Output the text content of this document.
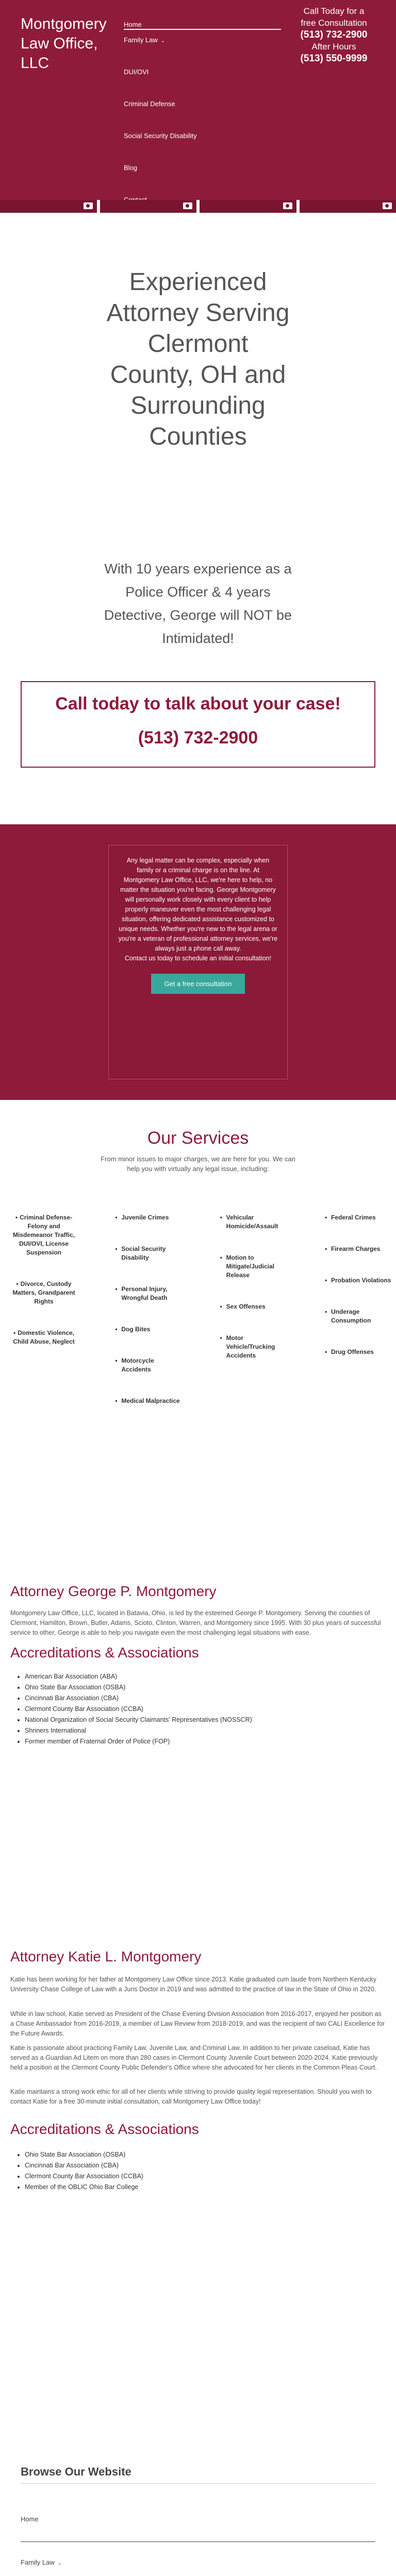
Montgomery Law Office, LLC
Home
Family Law ⌄
DUI/OVI
Criminal Defense
Social Security Disability
Blog
Call Today for a
free Consultation
(513) 732-2900
After Hours
(513) 550-9999
Experienced Attorney Serving Clermont County, OH and Surrounding Counties

With 10 years experience as a Police Officer & 4 years Detective, George will NOT be Intimidated!

Call today to talk about your case!
(513) 732-2900

Any legal matter can be complex, especially when family or a criminal charge is on the line. At Montgomery Law Office, LLC, we're here to help, no matter the situation you're facing. George Montgomery will personally work closely with every client to help properly maneuver even the most challenging legal situation, offering dedicated assistance customized to unique needs. Whether you're new to the legal arena or you're a veteran of professional attorney services, we're always just a phone call away.

Contact us today to schedule an initial consultation!

Get a free consultation
Our Services

From minor issues to major charges, we are here for you. We can help you with virtually any legal issue, including:

• Criminal Defense- Felony and Misdemeanor Traffic, DUI/OVI, License Suspension
• Divorce, Custody Matters, Grandparent Rights
• Domestic Violence, Child Abuse, Neglect
• Juvenile Crimes
• Social Security Disability
• Personal Injury, Wrongful Death
• Dog Bites
• Motorcycle Accidents
• Medical Malpractice
• Vehicular Homicide/Assault
• Motion to Mitigate/Judicial Release
• Sex Offenses
• Motor Vehicle/Trucking Accidents
• Federal Crimes
• Firearm Charges
• Probation Violations
• Underage Consumption
• Drug Offenses
Attorney George P. Montgomery

Montgomery Law Office, LLC, located in Batavia, Ohio, is led by the esteemed George P. Montgomery. Serving the counties of Clermont, Hamilton, Brown, Butler, Adams, Scioto, Clinton, Warren, and Montgomery since 1995. With 30 plus years of successful service to other, George is able to help you navigate even the most challenging legal situations with ease.

Accreditations & Associations
• American Bar Association (ABA)
• Ohio State Bar Association (OSBA)
• Cincinnati Bar Association (CBA)
• Clermont County Bar Association (CCBA)
• National Organization of Social Security Claimants' Representatives (NOSSCR)
• Shriners International
• Former member of Fraternal Order of Police (FOP)
Attorney Katie L. Montgomery

Katie has been working for her father at Montgomery Law Office since 2013. Katie graduated cum laude from Northern Kentucky University Chase College of Law with a Juris Doctor in 2019 and was admitted to the practice of law in the State of Ohio in 2020.

While in law school, Katie served as President of the Chase Evening Division Association from 2016-2017, enjoyed her position as a Chase Ambassador from 2016-2019, a member of Law Review from 2018-2019, and was the recipient of two CALI Excellence for the Future Awards.

Katie is passionate about practicing Family Law, Juvenile Law, and Criminal Law. In addition to her private caseload, Katie has served as a Guardian Ad Litem on more than 280 cases in Clermont County Juvenile Court between 2020-2024. Katie previously held a position at the Clermont County Public Defender's Office where she advocated for her clients in the Common Pleas Court.

Katie maintains a strong work ethic for all of her clients while striving to provide quality legal representation. Should you wish to contact Katie for a free 30-minute initial consultation, call Montgomery Law Office today!

Accreditations & Associations
• Ohio State Bar Association (OSBA)
• Cincinnati Bar Association (CBA)
• Clermont County Bar Association (CCBA)
• Member of the OBLIC Ohio Bar College
Browse Our Website
Home
Family Law ⌄
